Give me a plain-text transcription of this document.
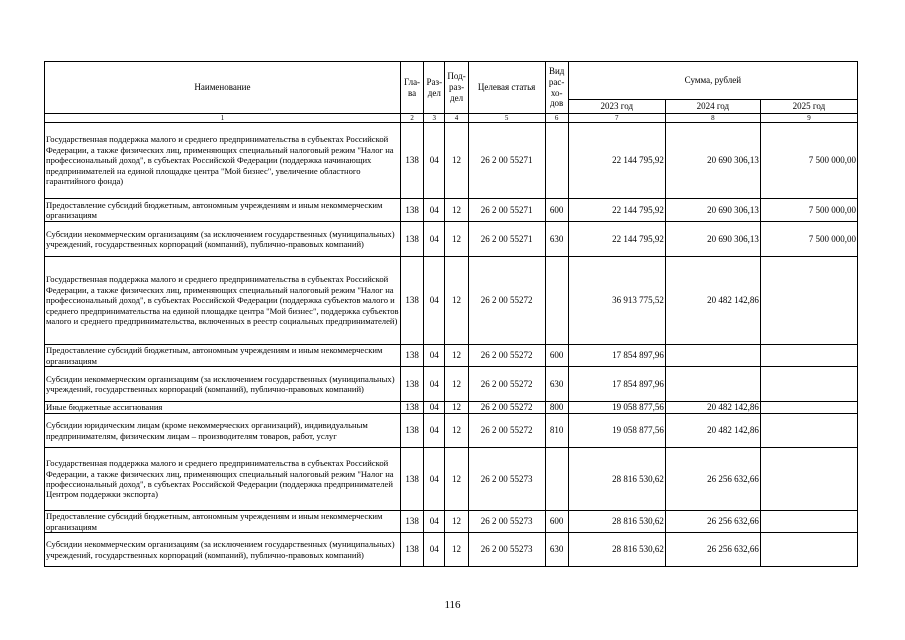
Наименование	Гла-ва	Раз-дел	Под-раз-дел	Целевая статья	Вид рас-хо-дов	Сумма, рублей		
						2023 год	2024 год	2025 год
1	2	3	4	5	6	7	8	9
Государственная поддержка малого и среднего предпринимательства в субъектах Российской Федерации, а также физических лиц, применяющих специальный налоговый режим "Налог на профессиональный доход", в субъектах Российской Федерации (поддержка начинающих предпринимателей на единой площадке центра "Мой бизнес", увеличение областного гарантийного фонда)	138	04	12	26 2 00 55271		22 144 795,92	20 690 306,13	7 500 000,00
Предоставление субсидий бюджетным, автономным учреждениям и иным некоммерческим организациям	138	04	12	26 2 00 55271	600	22 144 795,92	20 690 306,13	7 500 000,00
Субсидии некоммерческим организациям (за исключением государственных (муниципальных) учреждений, государственных корпораций (компаний), публично-правовых компаний)	138	04	12	26 2 00 55271	630	22 144 795,92	20 690 306,13	7 500 000,00
Государственная поддержка малого и среднего предпринимательства в субъектах Российской Федерации, а также физических лиц, применяющих специальный налоговый режим "Налог на профессиональный доход", в субъектах Российской Федерации (поддержка субъектов малого и среднего предпринимательства на единой площадке центра "Мой бизнес", поддержка субъектов малого и среднего предпринимательства, включенных в реестр социальных предпринимателей)	138	04	12	26 2 00 55272		36 913 775,52	20 482 142,86	
Предоставление субсидий бюджетным, автономным учреждениям и иным некоммерческим организациям	138	04	12	26 2 00 55272	600	17 854 897,96		
Субсидии некоммерческим организациям (за исключением государственных (муниципальных) учреждений, государственных корпораций (компаний), публично-правовых компаний)	138	04	12	26 2 00 55272	630	17 854 897,96		
Иные бюджетные ассигнования	138	04	12	26 2 00 55272	800	19 058 877,56	20 482 142,86	
Субсидии юридическим лицам (кроме некоммерческих организаций), индивидуальным предпринимателям, физическим лицам – производителям товаров, работ, услуг	138	04	12	26 2 00 55272	810	19 058 877,56	20 482 142,86	
Государственная поддержка малого и среднего предпринимательства в субъектах Российской Федерации, а также физических лиц, применяющих специальный налоговый режим "Налог на профессиональный доход", в субъектах Российской Федерации (поддержка предпринимателей Центром поддержки экспорта)	138	04	12	26 2 00 55273		28 816 530,62	26 256 632,66	
Предоставление субсидий бюджетным, автономным учреждениям и иным некоммерческим организациям	138	04	12	26 2 00 55273	600	28 816 530,62	26 256 632,66	
Субсидии некоммерческим организациям (за исключением государственных (муниципальных) учреждений, государственных корпораций (компаний), публично-правовых компаний)	138	04	12	26 2 00 55273	630	28 816 530,62	26 256 632,66	
116
